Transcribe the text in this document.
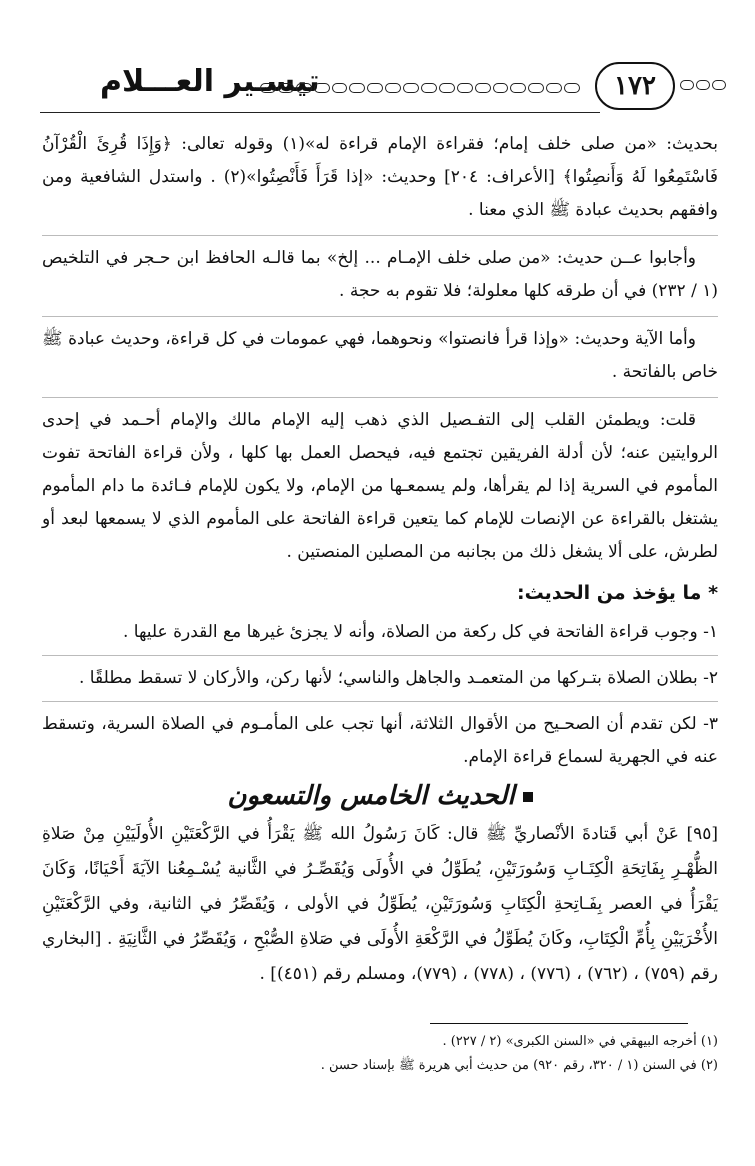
تيسـير العـــلام	١٧٢

بحديث: «من صلى خلف إمام؛ فقراءة الإمام قراءة له»(١) وقوله تعالى: ﴿وَإِذَا قُرِئَ الْقُرْآنُ فَاسْتَمِعُوا لَهُ وَأَنصِتُوا﴾ [الأعراف: ٢٠٤] وحديث: «إذا قَرَأَ فَأَنْصِتُوا»(٢) . واستدل الشافعية ومن وافقهم بحديث عبادة ﷺ الذي معنا .

وأجابوا عــن حديث: «من صلى خلف الإمـام ... إلخ» بما قالـه الحافظ ابن حـجر في التلخيص (١ / ٢٣٢) في أن طرقه كلها معلولة؛ فلا تقوم به حجة .

وأما الآية وحديث: «وإذا قرأ فانصتوا» ونحوهما، فهي عمومات في كل قراءة، وحديث عبادة ﷺ خاص بالفاتحة .

قلت: ويطمئن القلب إلى التفـصيل الذي ذهب إليه الإمام مالك والإمام أحـمد في إحدى الروايتين عنه؛ لأن أدلة الفريقين تجتمع فيه، فيحصل العمل بها كلها ، ولأن قراءة الفاتحة تفوت المأموم في السرية إذا لم يقرأها، ولم يسمعـها من الإمام، ولا يكون للإمام فـائدة ما دام المأموم يشتغل بالقراءة عن الإنصات للإمام كما يتعين قراءة الفاتحة على المأموم الذي لا يسمعها لبعد أو لطرش، على ألا يشغل ذلك من بجانبه من المصلين المنصتين .

* ما يؤخذ من الحديث:
١- وجوب قراءة الفاتحة في كل ركعة من الصلاة، وأنه لا يجزئ غيرها مع القدرة عليها .
٢- بطلان الصلاة بتـركها من المتعمـد والجاهل والناسي؛ لأنها ركن، والأركان لا تسقط مطلقًا .
٣- لكن تقدم أن الصحـيح من الأقوال الثلاثة، أنها تجب على المأمـوم في الصلاة السرية، وتسقط عنه في الجهرية لسماع قراءة الإمام.
الحديث الخامس والتسعون
[٩٥] عَنْ أبي قَتادةَ الأنْصاريِّ ﷺ قال: كَانَ رَسُولُ الله ﷺ يَقْرَأُ في الرَّكْعَتَيْنِ الأُولَيَيْنِ مِنْ صَلاةِ الظُّهْـرِ بِفَاتِحَةِ الْكِتَـابِ وَسُورَتَيْنِ، يُطَوِّلُ في الأُولَى وَيُقَصِّـرُ في الثَّانية يُسْـمِعُنا الآيَةَ أَحْيَانًا، وَكَانَ يَقْرَأُ في العصر بِفَـاتِحةِ الْكِتَابِ وَسُورَتَيْنِ، يُطَوِّلُ في الأولى ، وَيُقَصِّرُ في الثانية، وفي الرَّكْعَتَيْنِ الأُخْرَيَيْنِ بِأُمِّ الْكِتَابِ، وكَانَ يُطَوِّلُ في الرَّكْعَةِ الأُولَى في صَلاةِ الصُّبْحِ ، وَيُقَصِّرُ في الثَّانِيَةِ . [البخاري رقم (٧٥٩) ، (٧٦٢) ، (٧٧٦) ، (٧٧٨) ، (٧٧٩)، ومسلم رقم (٤٥١)] .
(١) أخرجه البيهقي في «السنن الكبرى» (٢ / ٢٢٧) .
(٢) في السنن (١ / ٣٢٠، رقم ٩٢٠) من حديث أبي هريرة ﷺ بإسناد حسن .
